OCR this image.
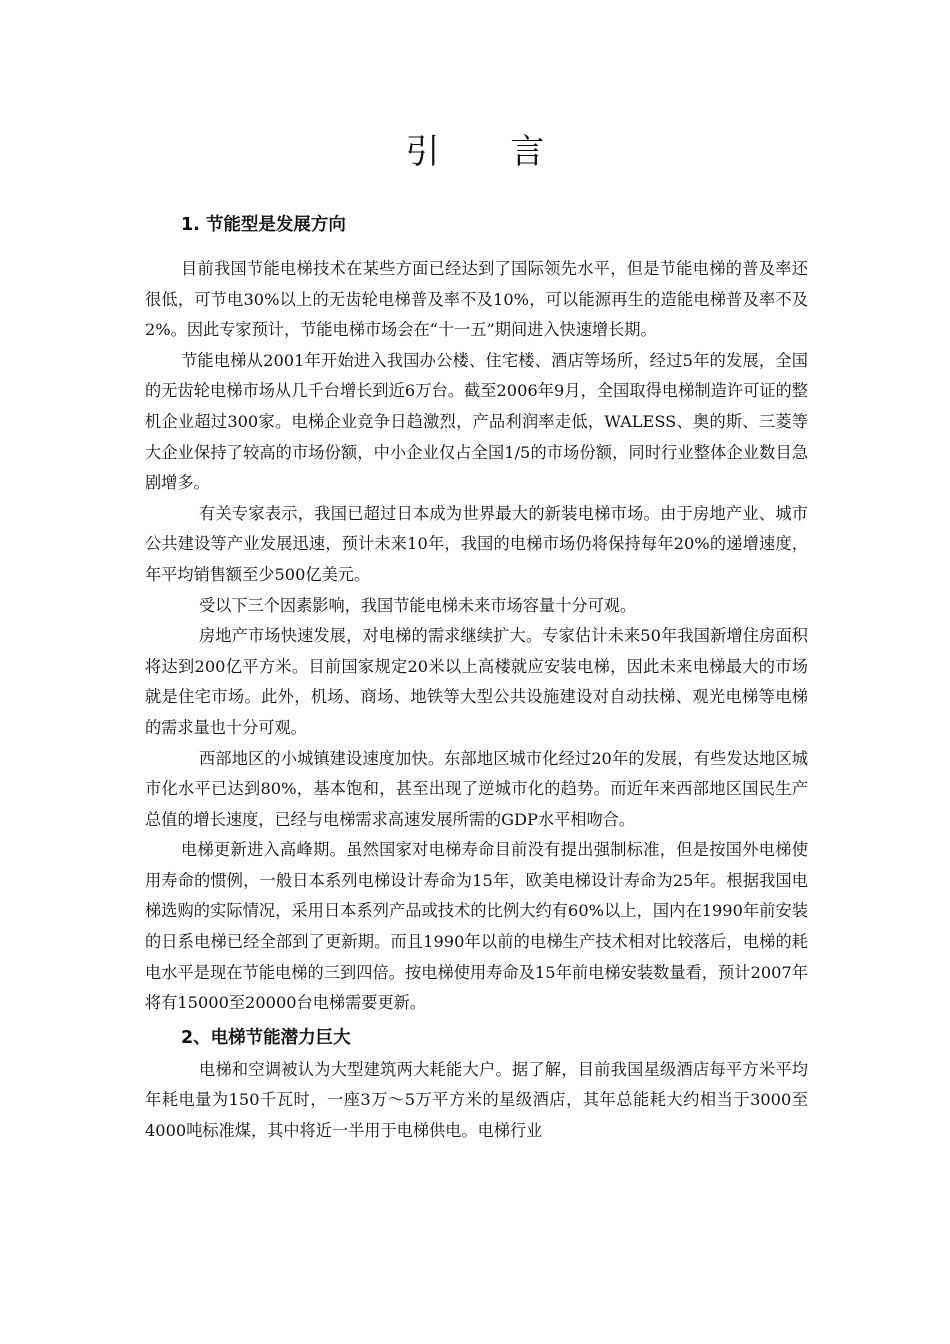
引 言
1. 节能型是发展方向

目前我国节能电梯技术在某些方面已经达到了国际领先水平，但是节能电梯的普及率还很低，可节电30%以上的无齿轮电梯普及率不及10%，可以能源再生的造能电梯普及率不及2%。因此专家预计，节能电梯市场会在“十一五”期间进入快速增长期。

节能电梯从2001年开始进入我国办公楼、住宅楼、酒店等场所，经过5年的发展，全国的无齿轮电梯市场从几千台增长到近6万台。截至2006年9月，全国取得电梯制造许可证的整机企业超过300家。电梯企业竞争日趋激烈，产品利润率走低，WALESS、奥的斯、三菱等大企业保持了较高的市场份额，中小企业仅占全国1/5的市场份额，同时行业整体企业数目急剧增多。

有关专家表示，我国已超过日本成为世界最大的新装电梯市场。由于房地产业、城市公共建设等产业发展迅速，预计未来10年，我国的电梯市场仍将保持每年20%的递增速度，年平均销售额至少500亿美元。

受以下三个因素影响，我国节能电梯未来市场容量十分可观。

房地产市场快速发展，对电梯的需求继续扩大。专家估计未来50年我国新增住房面积将达到200亿平方米。目前国家规定20米以上高楼就应安装电梯，因此未来电梯最大的市场就是住宅市场。此外，机场、商场、地铁等大型公共设施建设对自动扶梯、观光电梯等电梯的需求量也十分可观。

西部地区的小城镇建设速度加快。东部地区城市化经过20年的发展，有些发达地区城市化水平已达到80%，基本饱和，甚至出现了逆城市化的趋势。而近年来西部地区国民生产总值的增长速度，已经与电梯需求高速发展所需的GDP水平相吻合。

电梯更新进入高峰期。虽然国家对电梯寿命目前没有提出强制标准，但是按国外电梯使用寿命的惯例，一般日本系列电梯设计寿命为15年，欧美电梯设计寿命为25年。根据我国电梯选购的实际情况，采用日本系列产品或技术的比例大约有60%以上，国内在1990年前安装的日系电梯已经全部到了更新期。而且1990年以前的电梯生产技术相对比较落后，电梯的耗电水平是现在节能电梯的三到四倍。按电梯使用寿命及15年前电梯安装数量看，预计2007年将有15000至20000台电梯需要更新。

2、电梯节能潜力巨大

电梯和空调被认为大型建筑两大耗能大户。据了解，目前我国星级酒店每平方米平均年耗电量为150千瓦时，一座3万～5万平方米的星级酒店，其年总能耗大约相当于3000至4000吨标准煤，其中将近一半用于电梯供电。电梯行业
